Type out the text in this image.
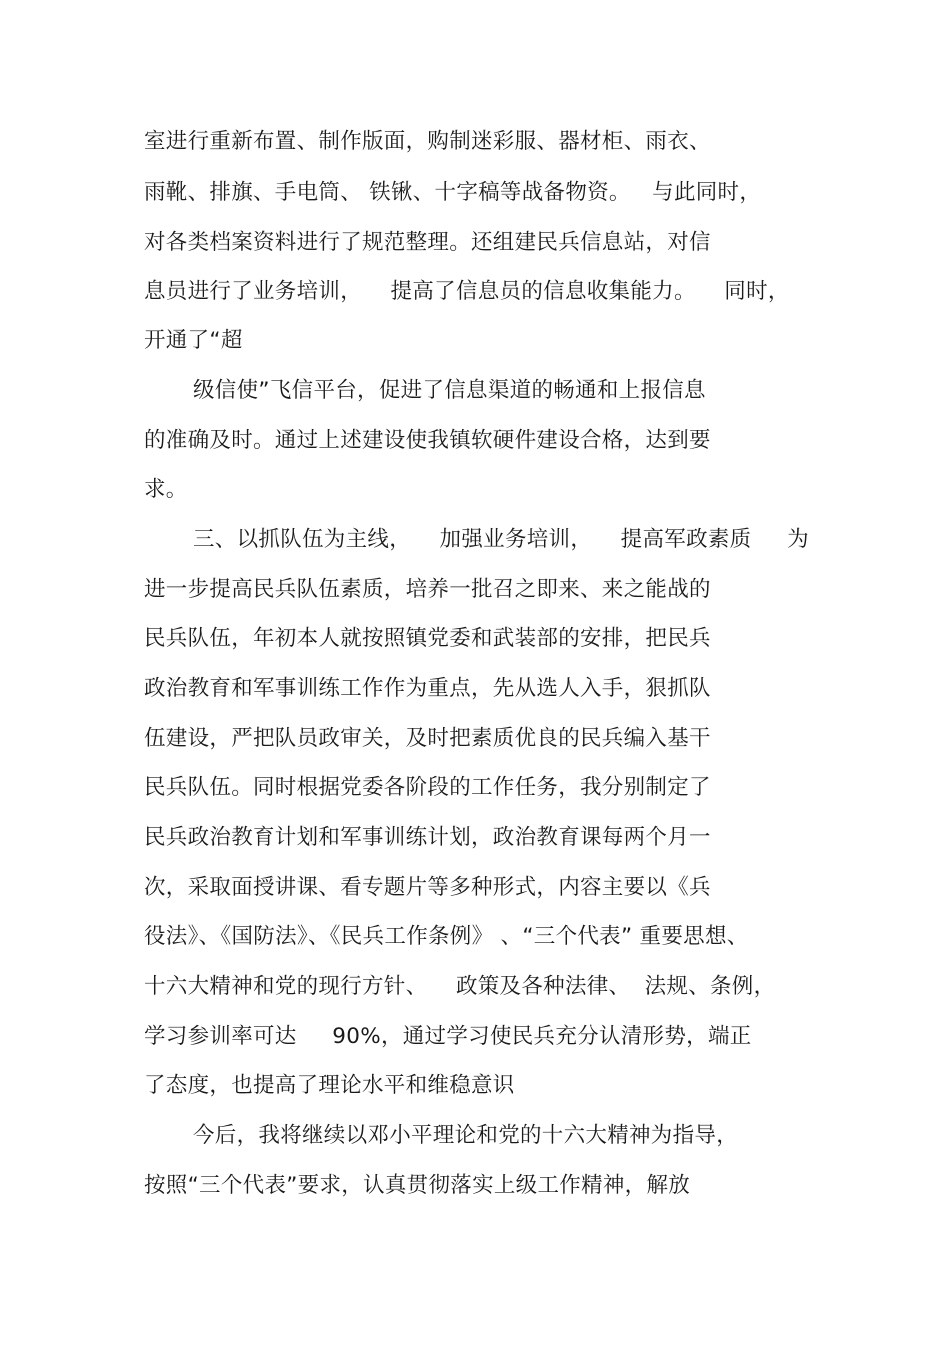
室进行重新布置、制作版面，购制迷彩服、器材柜、雨衣、
雨靴、排旗、手电筒、 铁锹、十字稿等战备物资。   与此同时，
对各类档案资料进行了规范整理。还组建民兵信息站，对信
息员进行了业务培训，    提高了信息员的信息收集能力。    同时，
开通了“超
级信使”飞信平台，促进了信息渠道的畅通和上报信息
的准确及时。通过上述建设使我镇软硬件建设合格，达到要
求。
三、以抓队伍为主线，    加强业务培训，    提高军政素质     为
进一步提高民兵队伍素质，培养一批召之即来、来之能战的
民兵队伍，年初本人就按照镇党委和武装部的安排，把民兵
政治教育和军事训练工作作为重点，先从选人入手，狠抓队
伍建设，严把队员政审关，及时把素质优良的民兵编入基干
民兵队伍。同时根据党委各阶段的工作任务，我分别制定了
民兵政治教育计划和军事训练计划，政治教育课每两个月一
次，采取面授讲课、看专题片等多种形式，内容主要以《兵
役法》、《国防法》、《民兵工作条例》 、“三个代表” 重要思想、
十六大精神和党的现行方针、    政策及各种法律、  法规、条例，
学习参训率可达     90%，通过学习使民兵充分认清形势，端正
了态度，也提高了理论水平和维稳意识
今后，我将继续以邓小平理论和党的十六大精神为指导，
按照“三个代表”要求，认真贯彻落实上级工作精神，解放
